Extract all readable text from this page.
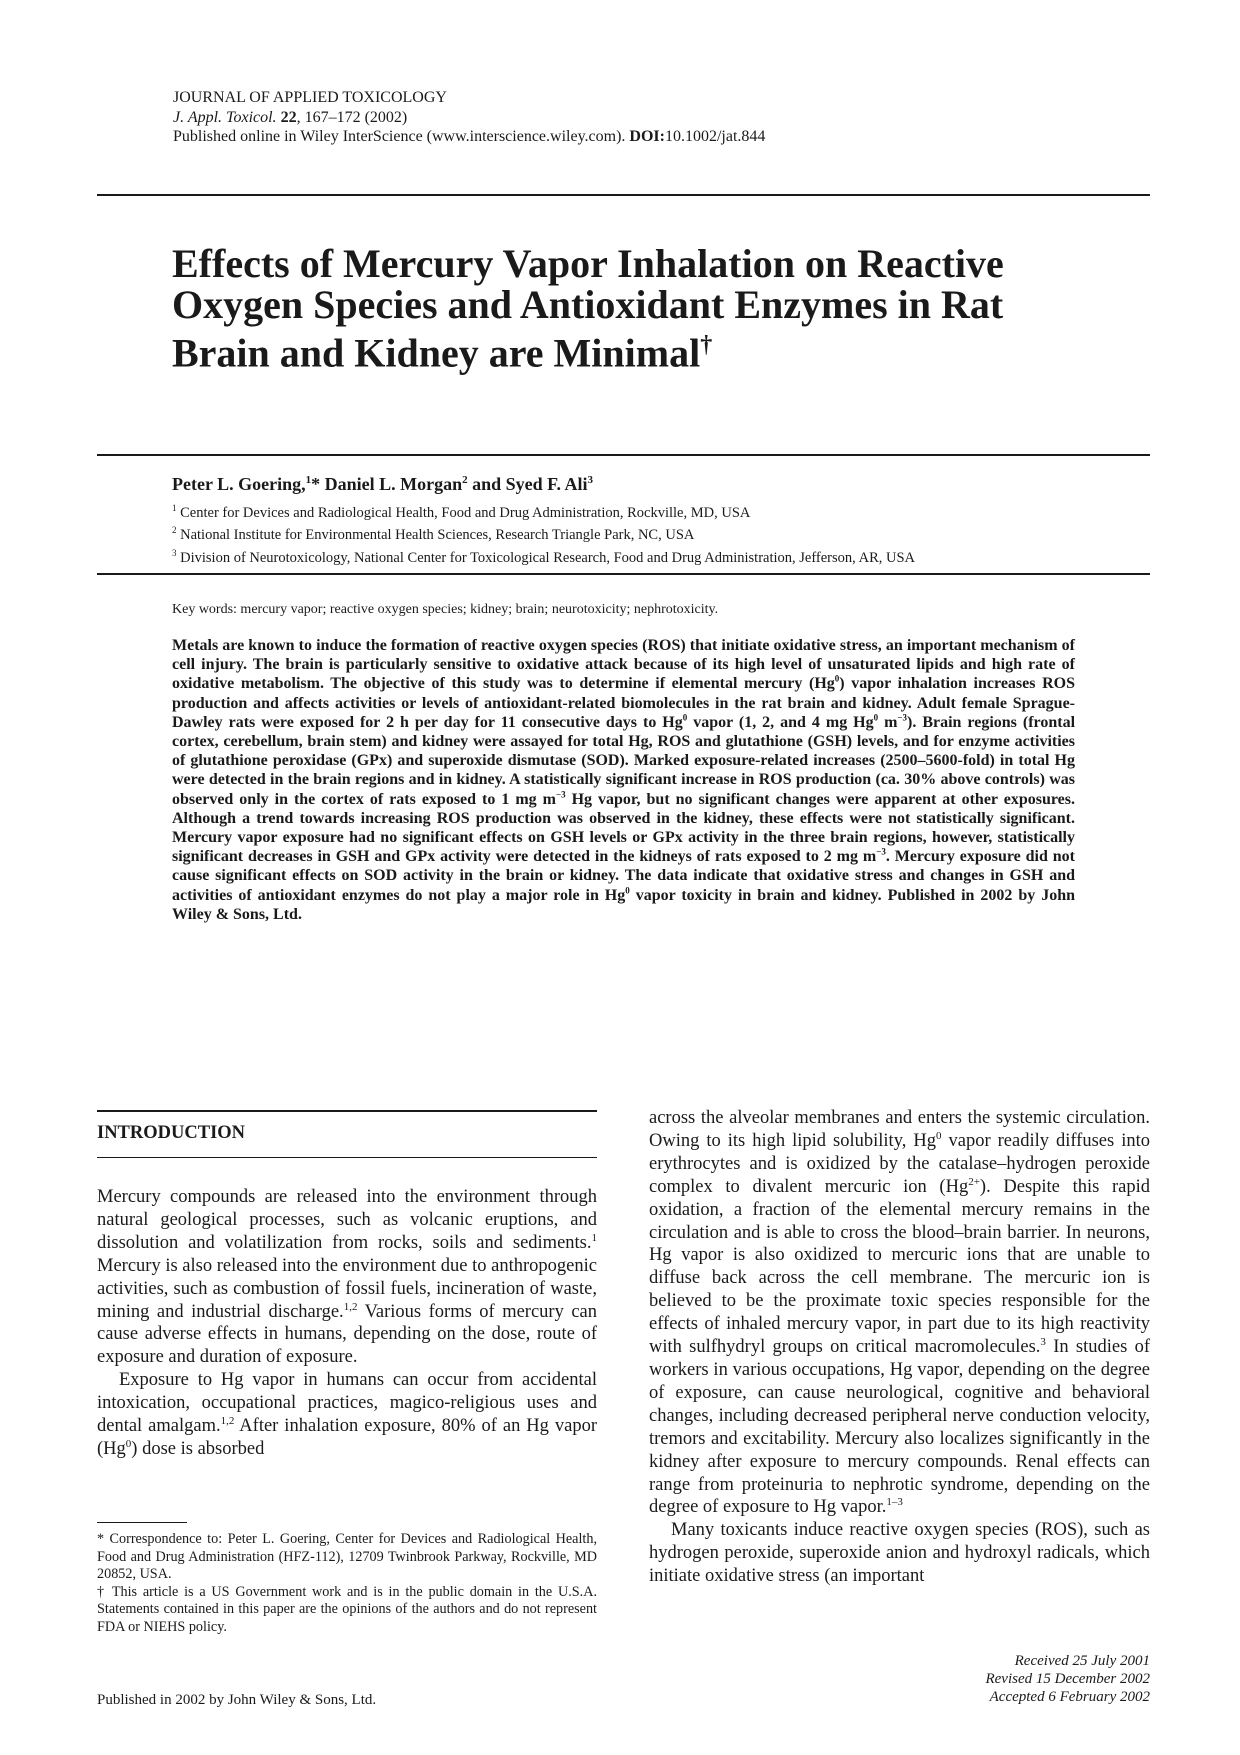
JOURNAL OF APPLIED TOXICOLOGY
J. Appl. Toxicol. 22, 167–172 (2002)
Published online in Wiley InterScience (www.interscience.wiley.com). DOI:10.1002/jat.844
Effects of Mercury Vapor Inhalation on Reactive Oxygen Species and Antioxidant Enzymes in Rat Brain and Kidney are Minimal†
Peter L. Goering,$^1$* Daniel L. Morgan$^2$ and Syed F. Ali$^3$
$^1$ Center for Devices and Radiological Health, Food and Drug Administration, Rockville, MD, USA
$^2$ National Institute for Environmental Health Sciences, Research Triangle Park, NC, USA
$^3$ Division of Neurotoxicology, National Center for Toxicological Research, Food and Drug Administration, Jefferson, AR, USA
Key words: mercury vapor; reactive oxygen species; kidney; brain; neurotoxicity; nephrotoxicity.
Metals are known to induce the formation of reactive oxygen species (ROS) that initiate oxidative stress, an important mechanism of cell injury. The brain is particularly sensitive to oxidative attack because of its high level of unsaturated lipids and high rate of oxidative metabolism. The objective of this study was to determine if elemental mercury (Hg$^0$) vapor inhalation increases ROS production and affects activities or levels of antioxidant-related biomolecules in the rat brain and kidney. Adult female Sprague-Dawley rats were exposed for 2 h per day for 11 consecutive days to Hg$^0$ vapor (1, 2, and 4 mg Hg$^0$ $m^{-3}$). Brain regions (frontal cortex, cerebellum, brain stem) and kidney were assayed for total Hg, ROS and glutathione (GSH) levels, and for enzyme activities of glutathione peroxidase (GPx) and superoxide dismutase (SOD). Marked exposure-related increases (2500–5600-fold) in total Hg were detected in the brain regions and in kidney. A statistically significant increase in ROS production (ca. 30% above controls) was observed only in the cortex of rats exposed to 1 mg $m^{-3}$ Hg vapor, but no significant changes were apparent at other exposures. Although a trend towards increasing ROS production was observed in the kidney, these effects were not statistically significant. Mercury vapor exposure had no significant effects on GSH levels or GPx activity in the three brain regions, however, statistically significant decreases in GSH and GPx activity were detected in the kidneys of rats exposed to 2 mg $m^{-3}$. Mercury exposure did not cause significant effects on SOD activity in the brain or kidney. The data indicate that oxidative stress and changes in GSH and activities of antioxidant enzymes do not play a major role in Hg$^0$ vapor toxicity in brain and kidney. Published in 2002 by John Wiley & Sons, Ltd.
INTRODUCTION

Mercury compounds are released into the environment through natural geological processes, such as volcanic eruptions, and dissolution and volatilization from rocks, soils and sediments.$^1$ Mercury is also released into the environment due to anthropogenic activities, such as combustion of fossil fuels, incineration of waste, mining and industrial discharge.$^{1,2}$ Various forms of mercury can cause adverse effects in humans, depending on the dose, route of exposure and duration of exposure.

Exposure to Hg vapor in humans can occur from accidental intoxication, occupational practices, magico-religious uses and dental amalgam.$^{1,2}$ After inhalation exposure, 80% of an Hg vapor (Hg$^0$) dose is absorbed

across the alveolar membranes and enters the systemic circulation. Owing to its high lipid solubility, Hg$^0$ vapor readily diffuses into erythrocytes and is oxidized by the catalase–hydrogen peroxide complex to divalent mercuric ion $(Hg^{2+})$. Despite this rapid oxidation, a fraction of the elemental mercury remains in the circulation and is able to cross the blood–brain barrier. In neurons, Hg vapor is also oxidized to mercuric ions that are unable to diffuse back across the cell membrane. The mercuric ion is believed to be the proximate toxic species responsible for the effects of inhaled mercury vapor, in part due to its high reactivity with sulfhydryl groups on critical macromolecules.$^3$ In studies of workers in various occupations, Hg vapor, depending on the degree of exposure, can cause neurological, cognitive and behavioral changes, including decreased peripheral nerve conduction velocity, tremors and excitability. Mercury also localizes significantly in the kidney after exposure to mercury compounds. Renal effects can range from proteinuria to nephrotic syndrome, depending on the degree of exposure to Hg vapor.$^{1-3}$

Many toxicants induce reactive oxygen species (ROS), such as hydrogen peroxide, superoxide anion and hydroxyl radicals, which initiate oxidative stress (an important

* Correspondence to: Peter L. Goering, Center for Devices and Radiological Health, Food and Drug Administration (HFZ-112), 12709 Twinbrook Parkway, Rockville, MD 20852, USA.

† This article is a US Government work and is in the public domain in the U.S.A. Statements contained in this paper are the opinions of the authors and do not represent FDA or NIEHS policy.

Published in 2002 by John Wiley & Sons, Ltd.
Received 25 July 2001
Revised 15 December 2002
Accepted 6 February 2002
